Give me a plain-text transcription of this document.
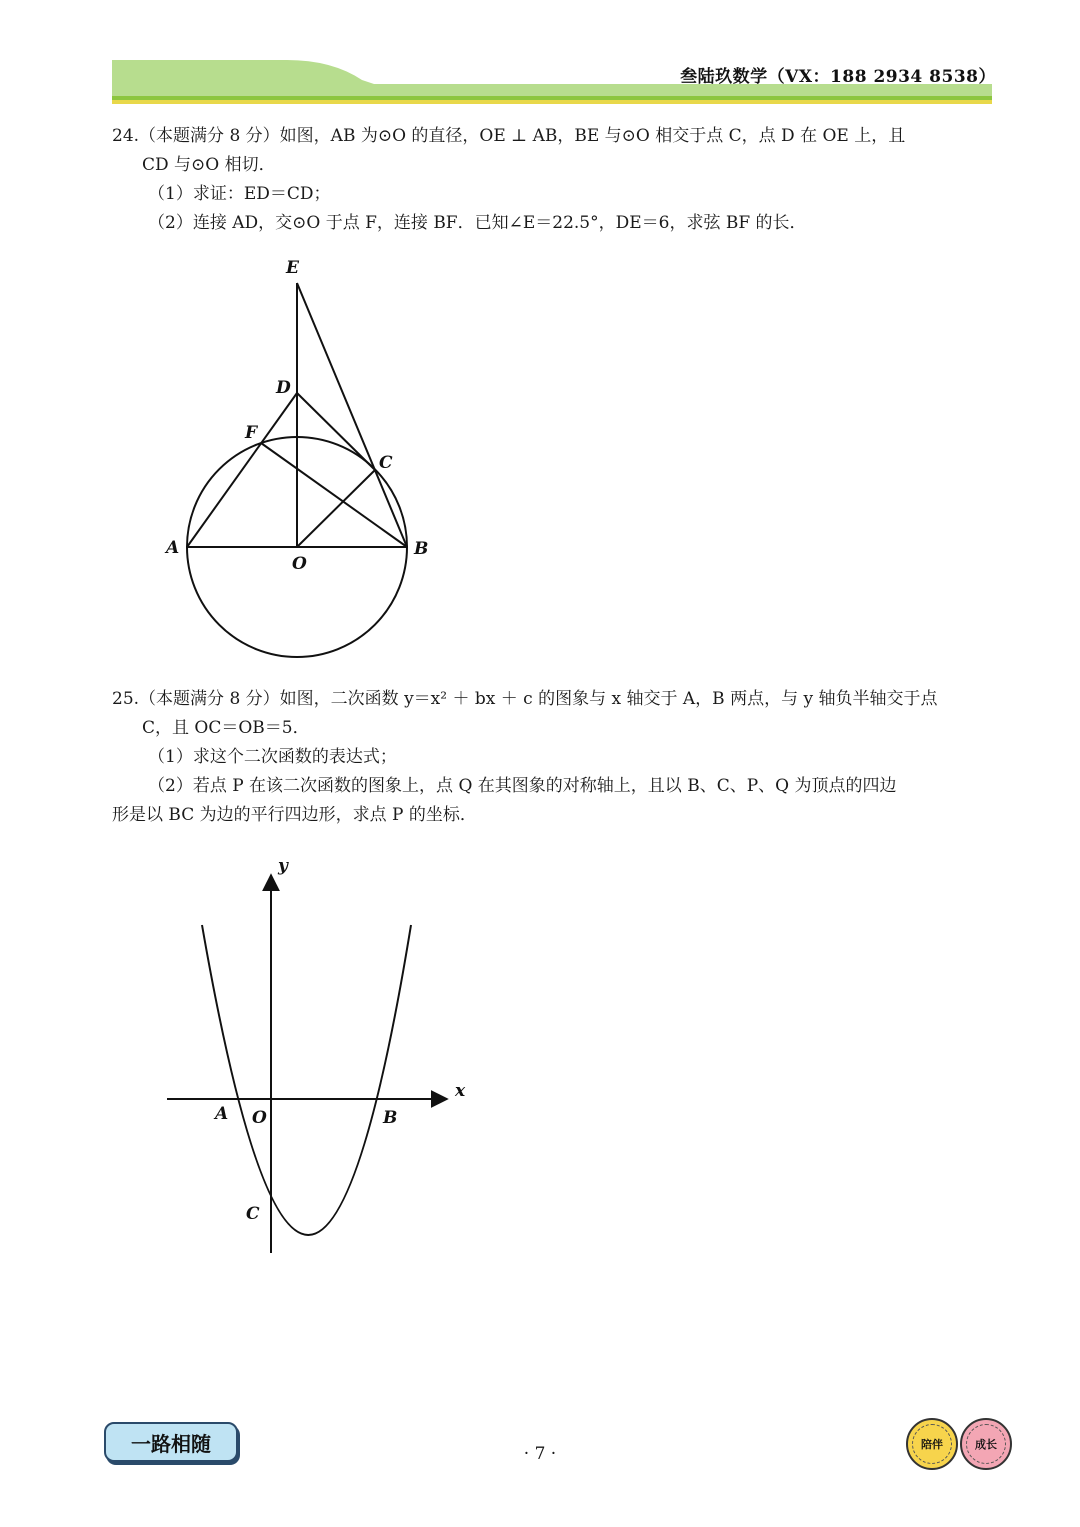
叁陆玖数学（VX：188 2934 8538）

24.（本题满分 8 分）如图，AB 为⊙O 的直径，OE ⊥ AB，BE 与⊙O 相交于点 C，点 D 在 OE 上，且

CD 与⊙O 相切．

（1）求证：ED＝CD；

（2）连接 AD，交⊙O 于点 F，连接 BF．已知∠E＝22.5°，DE＝6，求弦 BF 的长．

E
D
F
C
A
O
B

25.（本题满分 8 分）如图，二次函数 y＝x² ＋ bx ＋ c 的图象与 x 轴交于 A，B 两点，与 y 轴负半轴交于点

C，且 OC＝OB＝5．

（1）求这个二次函数的表达式；

（2）若点 P 在该二次函数的图象上，点 Q 在其图象的对称轴上，且以 B、C、P、Q 为顶点的四边

形是以 BC 为边的平行四边形，求点 P 的坐标．

y
x
A O	B
C
一路相随	· 7 ·	陪伴	成长
